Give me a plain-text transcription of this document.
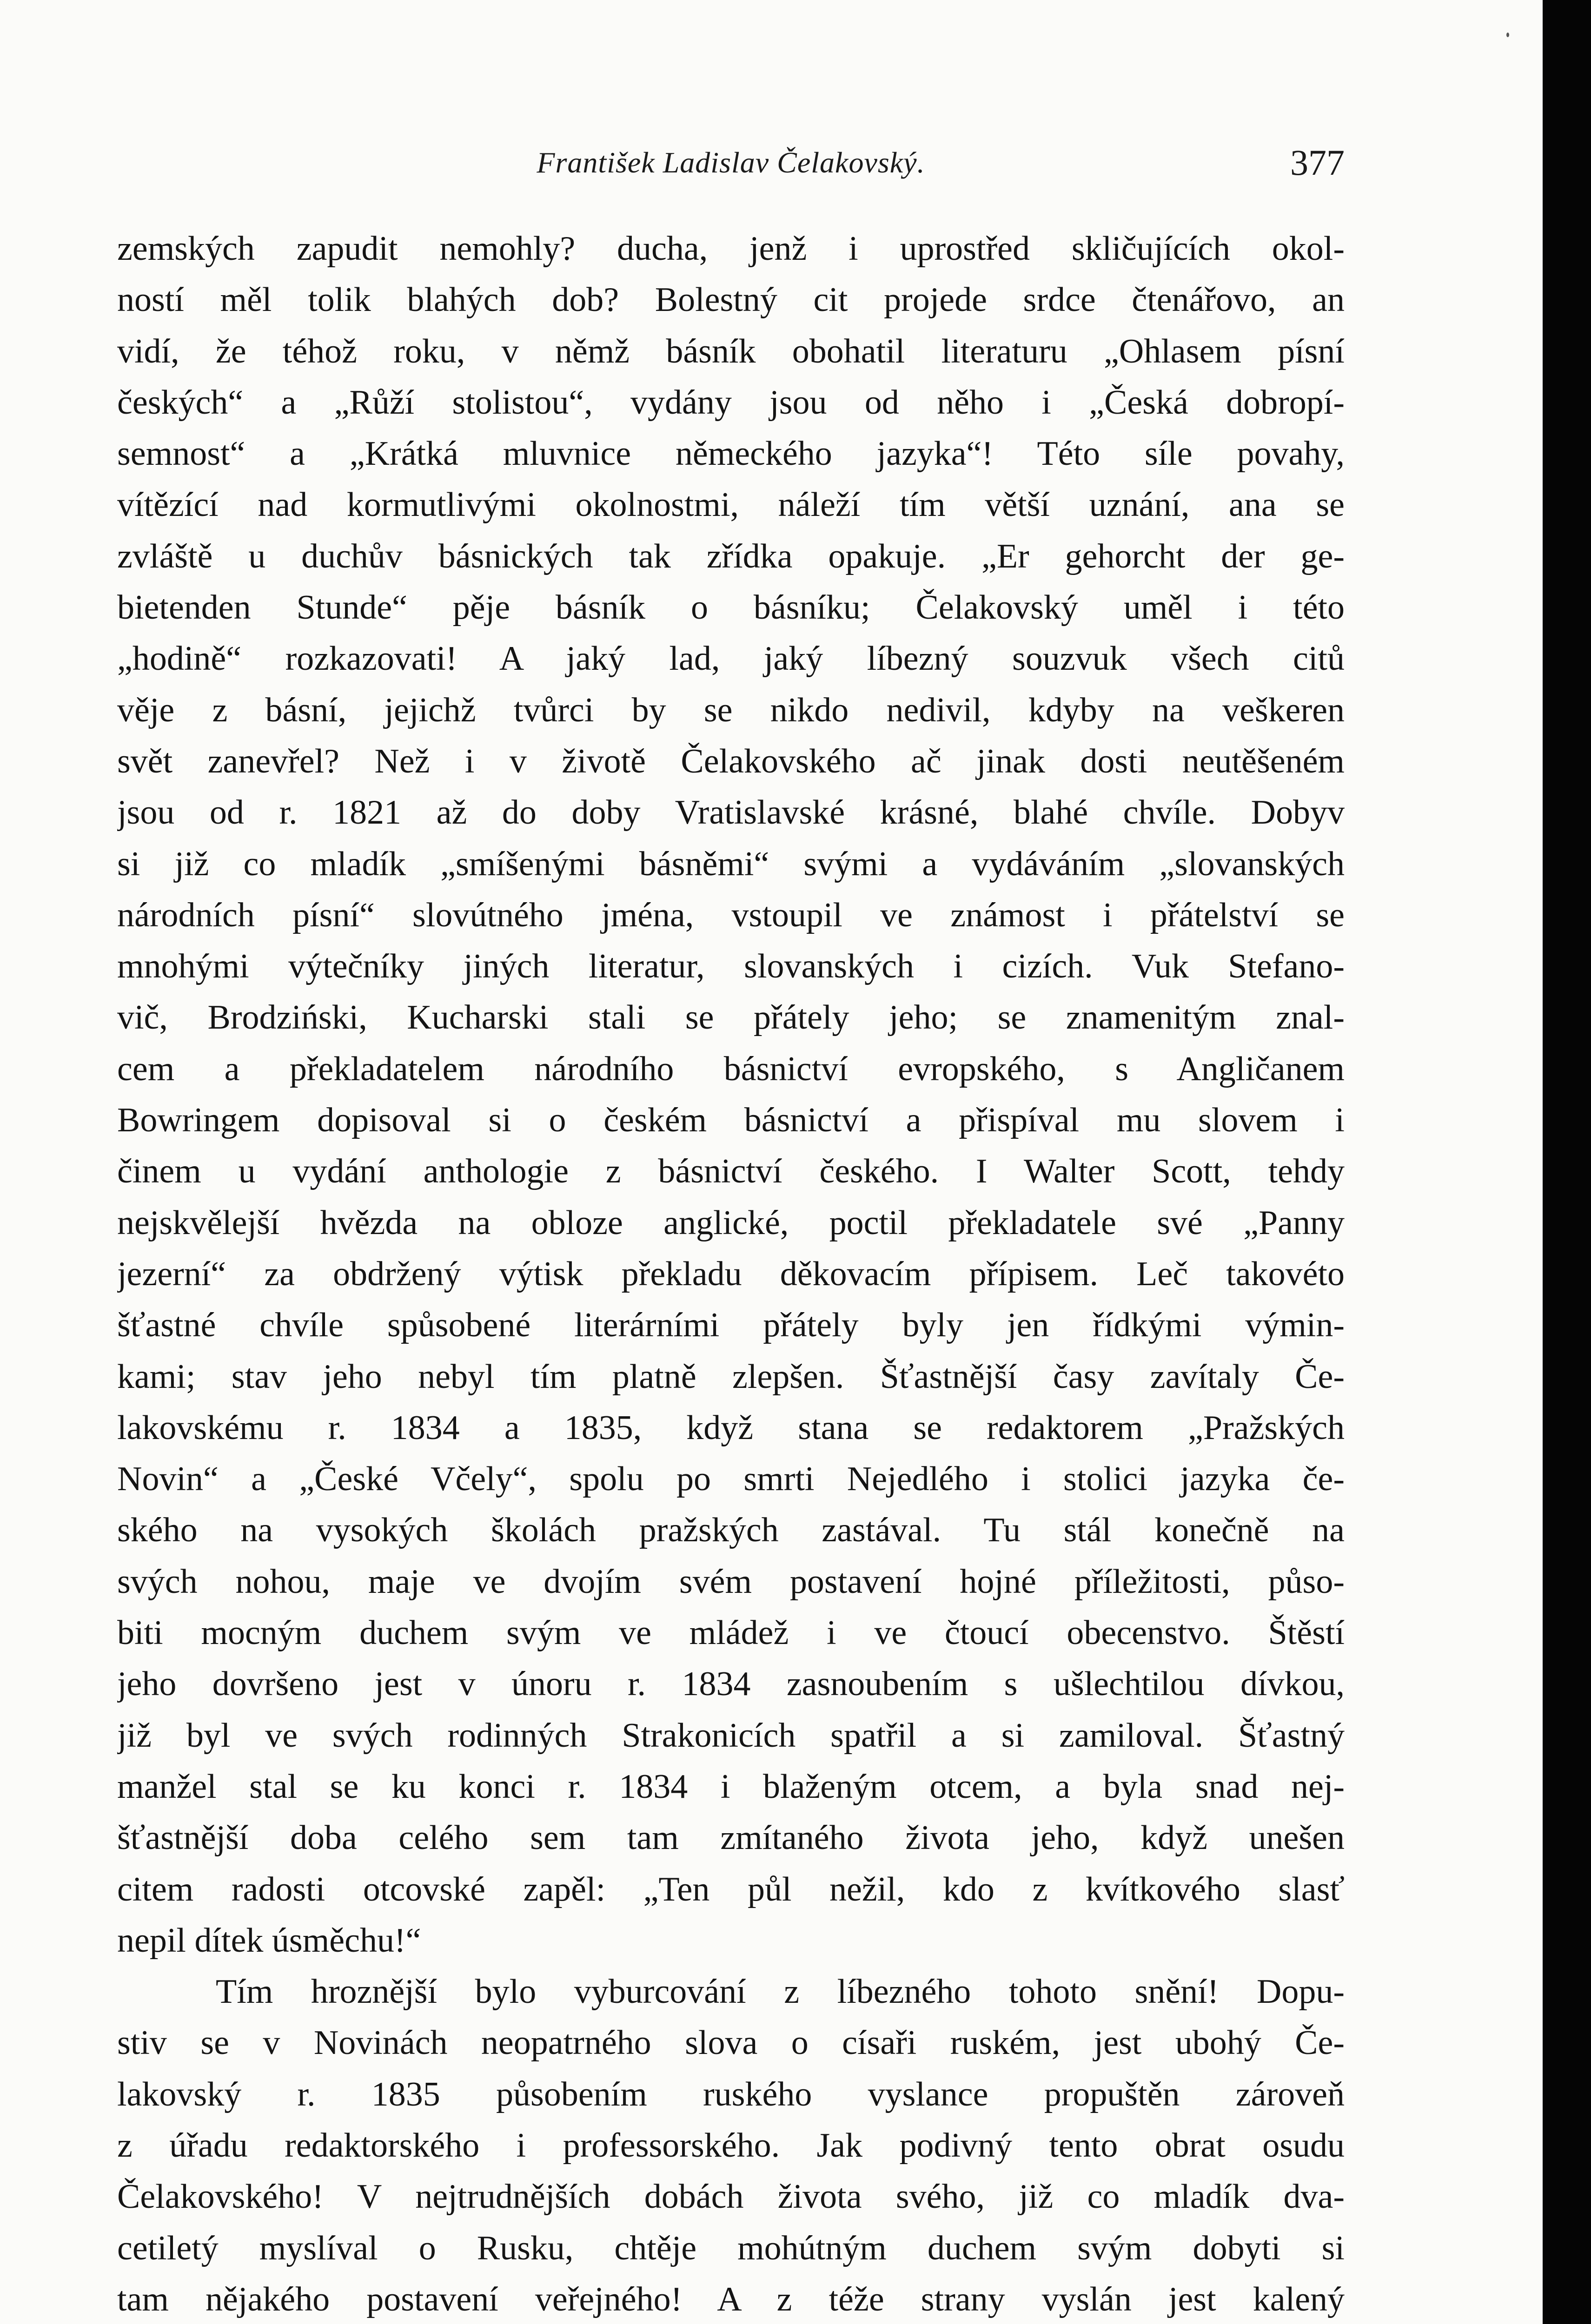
František Ladislav Čelakovský.	377
zemských zapudit nemohly? ducha, jenž i uprostřed skličujících okol-
ností měl tolik blahých dob? Bolestný cit projede srdce čtenářovo, an
vidí, že téhož roku, v němž básník obohatil literaturu „Ohlasem písní
českých“ a „Růží stolistou“, vydány jsou od něho i „Česká dobropí-
semnost“ a „Krátká mluvnice německého jazyka“! Této síle povahy,
vítězící nad kormutlivými okolnostmi, náleží tím větší uznání, ana se
zvláště u duchův básnických tak zřídka opakuje. „Er gehorcht der ge-
bietenden Stunde“ pěje básník o básníku; Čelakovský uměl i této
„hodině“ rozkazovati! A jaký lad, jaký líbezný souzvuk všech citů
věje z básní, jejichž tvůrci by se nikdo nedivil, kdyby na veškeren
svět zanevřel? Než i v životě Čelakovského ač jinak dosti neutěšeném
jsou od r. 1821 až do doby Vratislavské krásné, blahé chvíle. Dobyv
si již co mladík „smíšenými básněmi“ svými a vydáváním „slovanských
národních písní“ slovútného jména, vstoupil ve známost i přátelství se
mnohými výtečníky jiných literatur, slovanských i cizích. Vuk Stefano-
vič, Brodziński, Kucharski stali se přátely jeho; se znamenitým znal-
cem a překladatelem národního básnictví evropského, s Angličanem
Bowringem dopisoval si o českém básnictví a přispíval mu slovem i
činem u vydání anthologie z básnictví českého. I Walter Scott, tehdy
nejskvělejší hvězda na obloze anglické, poctil překladatele své „Panny
jezerní“ za obdržený výtisk překladu děkovacím přípisem. Leč takovéto
šťastné chvíle spůsobené literárními přátely byly jen řídkými výmin-
kami; stav jeho nebyl tím platně zlepšen. Šťastnější časy zavítaly Če-
lakovskému r. 1834 a 1835, když stana se redaktorem „Pražských
Novin“ a „České Včely“, spolu po smrti Nejedlého i stolici jazyka če-
ského na vysokých školách pražských zastával. Tu stál konečně na
svých nohou, maje ve dvojím svém postavení hojné příležitosti, půso-
biti mocným duchem svým ve mládež i ve čtoucí obecenstvo. Štěstí
jeho dovršeno jest v únoru r. 1834 zasnoubením s ušlechtilou dívkou,
již byl ve svých rodinných Strakonicích spatřil a si zamiloval. Šťastný
manžel stal se ku konci r. 1834 i blaženým otcem, a byla snad nej-
šťastnější doba celého sem tam zmítaného života jeho, když unešen
citem radosti otcovské zapěl: „Ten půl nežil, kdo z kvítkového slasť
nepil dítek úsměchu!“
Tím hroznější bylo vyburcování z líbezného tohoto snění! Dopu-
stiv se v Novinách neopatrného slova o císaři ruském, jest ubohý Če-
lakovský r. 1835 působením ruského vyslance propuštěn zároveň
z úřadu redaktorského i professorského. Jak podivný tento obrat osudu
Čelakovského! V nejtrudnějších dobách života svého, již co mladík dva-
cetiletý myslíval o Rusku, chtěje mohútným duchem svým dobyti si
tam nějakého postavení veřejného! A z téže strany vyslán jest kalený
